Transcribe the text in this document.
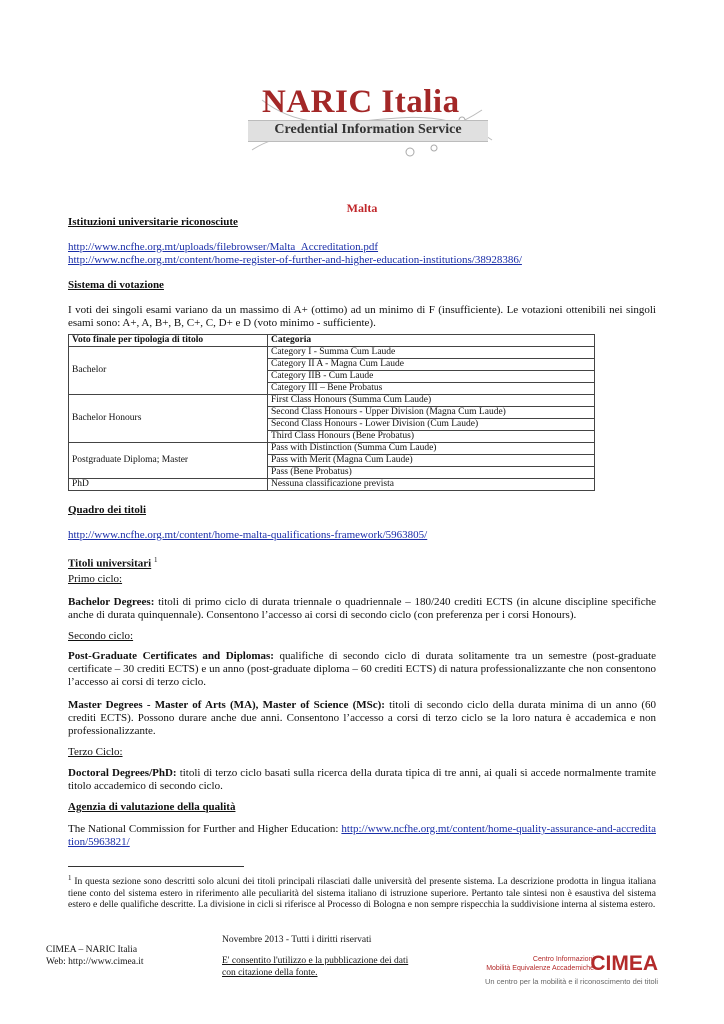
NARIC Italia
Credential Information Service
Malta
Istituzioni universitarie riconosciute
http://www.ncfhe.org.mt/uploads/filebrowser/Malta_Accreditation.pdf
http://www.ncfhe.org.mt/content/home-register-of-further-and-higher-education-institutions/38928386/
Sistema di votazione
I voti dei singoli esami variano da un massimo di A+ (ottimo) ad un minimo di F (insufficiente). Le votazioni ottenibili nei singoli esami sono: A+, A, B+, B, C+, C, D+ e D (voto minimo - sufficiente).
Voto finale per tipologia di titolo	Categoria
Bachelor	Category I - Summa Cum Laude
	Category II A - Magna Cum Laude
	Category IIB - Cum Laude
	Category III – Bene Probatus
Bachelor Honours	First Class Honours (Summa Cum Laude)
	Second Class Honours - Upper Division (Magna Cum Laude)
	Second Class Honours - Lower Division (Cum Laude)
	Third Class Honours (Bene Probatus)
Postgraduate Diploma; Master	Pass with Distinction (Summa Cum Laude)
	Pass with Merit (Magna Cum Laude)
	Pass (Bene Probatus)
PhD	Nessuna classificazione prevista
Quadro dei titoli
http://www.ncfhe.org.mt/content/home-malta-qualifications-framework/5963805/
Titoli universitari $^1$
Primo ciclo:
Bachelor Degrees: titoli di primo ciclo di durata triennale o quadriennale – 180/240 crediti ECTS (in alcune discipline specifiche anche di durata quinquennale). Consentono l’accesso ai corsi di secondo ciclo (con preferenza per i corsi Honours).
Secondo ciclo:
Post-Graduate Certificates and Diplomas: qualifiche di secondo ciclo di durata solitamente tra un semestre (post-graduate certificate – 30 crediti ECTS) e un anno (post-graduate diploma – 60 crediti ECTS) di natura professionalizzante che non consentono l’accesso ai corsi di terzo ciclo.
Master Degrees - Master of Arts (MA), Master of Science (MSc): titoli di secondo ciclo della durata minima di un anno (60 crediti ECTS). Possono durare anche due anni. Consentono l’accesso a corsi di terzo ciclo se la loro natura è accademica e non professionalizzante.
Terzo Ciclo:
Doctoral Degrees/PhD: titoli di terzo ciclo basati sulla ricerca della durata tipica di tre anni, ai quali si accede normalmente tramite titolo accademico di secondo ciclo.
Agenzia di valutazione della qualità
The National Commission for Further and Higher Education: http://www.ncfhe.org.mt/content/home-quality-assurance-and-accreditation/5963821/
$^1$ In questa sezione sono descritti solo alcuni dei titoli principali rilasciati dalle università del presente sistema. La descrizione prodotta in lingua italiana tiene conto del sistema estero in riferimento alle peculiarità del sistema italiano di istruzione superiore. Pertanto tale sintesi non è esaustiva del sistema estero e delle qualifiche descritte. La divisione in cicli si riferisce al Processo di Bologna e non sempre rispecchia la suddivisione interna al sistema estero.
CIMEA – NARIC Italia
Web: http://www.cimea.it
Novembre 2013 - Tutti i diritti riservati
E' consentito l'utilizzo e la pubblicazione dei dati
con citazione della fonte.
Centro Informazioni
Mobilità Equivalenze Accademiche
CIMEA
Un centro per la mobilità e il riconoscimento dei titoli
